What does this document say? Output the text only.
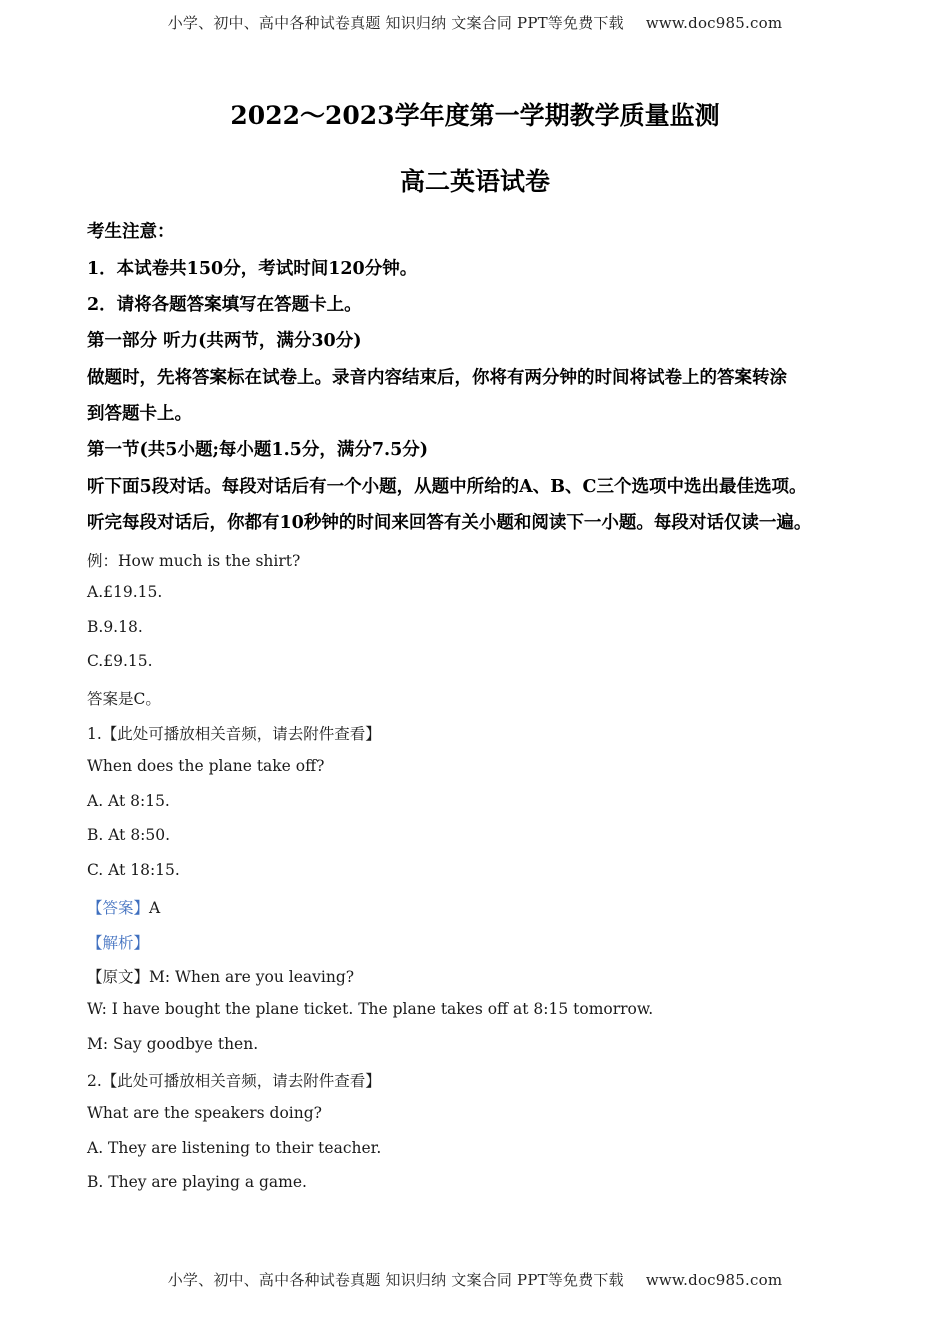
小学、初中、高中各种试卷真题 知识归纳 文案合同 PPT等免费下载 www.doc985.com
2022～2023学年度第一学期教学质量监测
高二英语试卷
考生注意：
1．本试卷共150分，考试时间120分钟。
2．请将各题答案填写在答题卡上。
第一部分 听力(共两节，满分30分)
做题时，先将答案标在试卷上。录音内容结束后，你将有两分钟的时间将试卷上的答案转涂
到答题卡上。
第一节(共5小题;每小题1.5分，满分7.5分)
听下面5段对话。每段对话后有一个小题，从题中所给的A、B、C三个选项中选出最佳选项。
听完每段对话后，你都有10秒钟的时间来回答有关小题和阅读下一小题。每段对话仅读一遍。
例：How much is the shirt?
A.£19.15.
B.9.18.
C.£9.15.
答案是C。
1.【此处可播放相关音频，请去附件查看】
When does the plane take off?
A. At 8:15.
B. At 8:50.
C. At 18:15.
【答案】A
【解析】
【原文】M: When are you leaving?
W: I have bought the plane ticket. The plane takes off at 8:15 tomorrow.
M: Say goodbye then.
2.【此处可播放相关音频，请去附件查看】
What are the speakers doing?
A. They are listening to their teacher.
B. They are playing a game.
小学、初中、高中各种试卷真题 知识归纳 文案合同 PPT等免费下载 www.doc985.com
